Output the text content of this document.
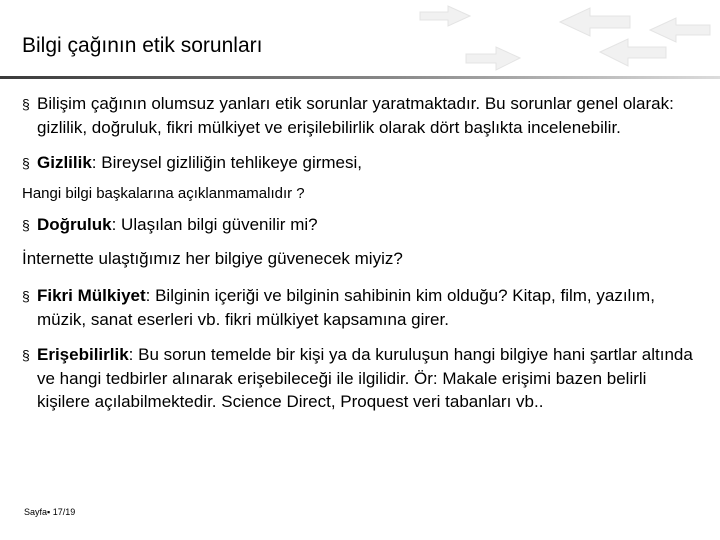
Bilgi çağının etik sorunları

§ Bilişim çağının olumsuz yanları etik sorunlar yaratmaktadır. Bu sorunlar genel olarak: gizlilik, doğruluk, fikri mülkiyet ve erişilebilirlik olarak dört başlıkta incelenebilir.

§ Gizlilik: Bireysel gizliliğin tehlikeye girmesi,

Hangi bilgi başkalarına açıklanmamalıdır ?

§ Doğruluk: Ulaşılan bilgi güvenilir mi?

İnternette ulaştığımız her bilgiye güvenecek miyiz?

§ Fikri Mülkiyet: Bilginin içeriği ve bilginin sahibinin kim olduğu? Kitap, film, yazılım, müzik, sanat eserleri vb. fikri mülkiyet kapsamına girer.

§ Erişebilirlik: Bu sorun temelde bir kişi ya da kuruluşun hangi bilgiye hani şartlar altında ve hangi tedbirler alınarak erişebileceği ile ilgilidir. Ör: Makale erişimi bazen belirli kişilere açılabilmektedir. Science Direct, Proquest veri tabanları vb..

Sayfa▪ 17/19
